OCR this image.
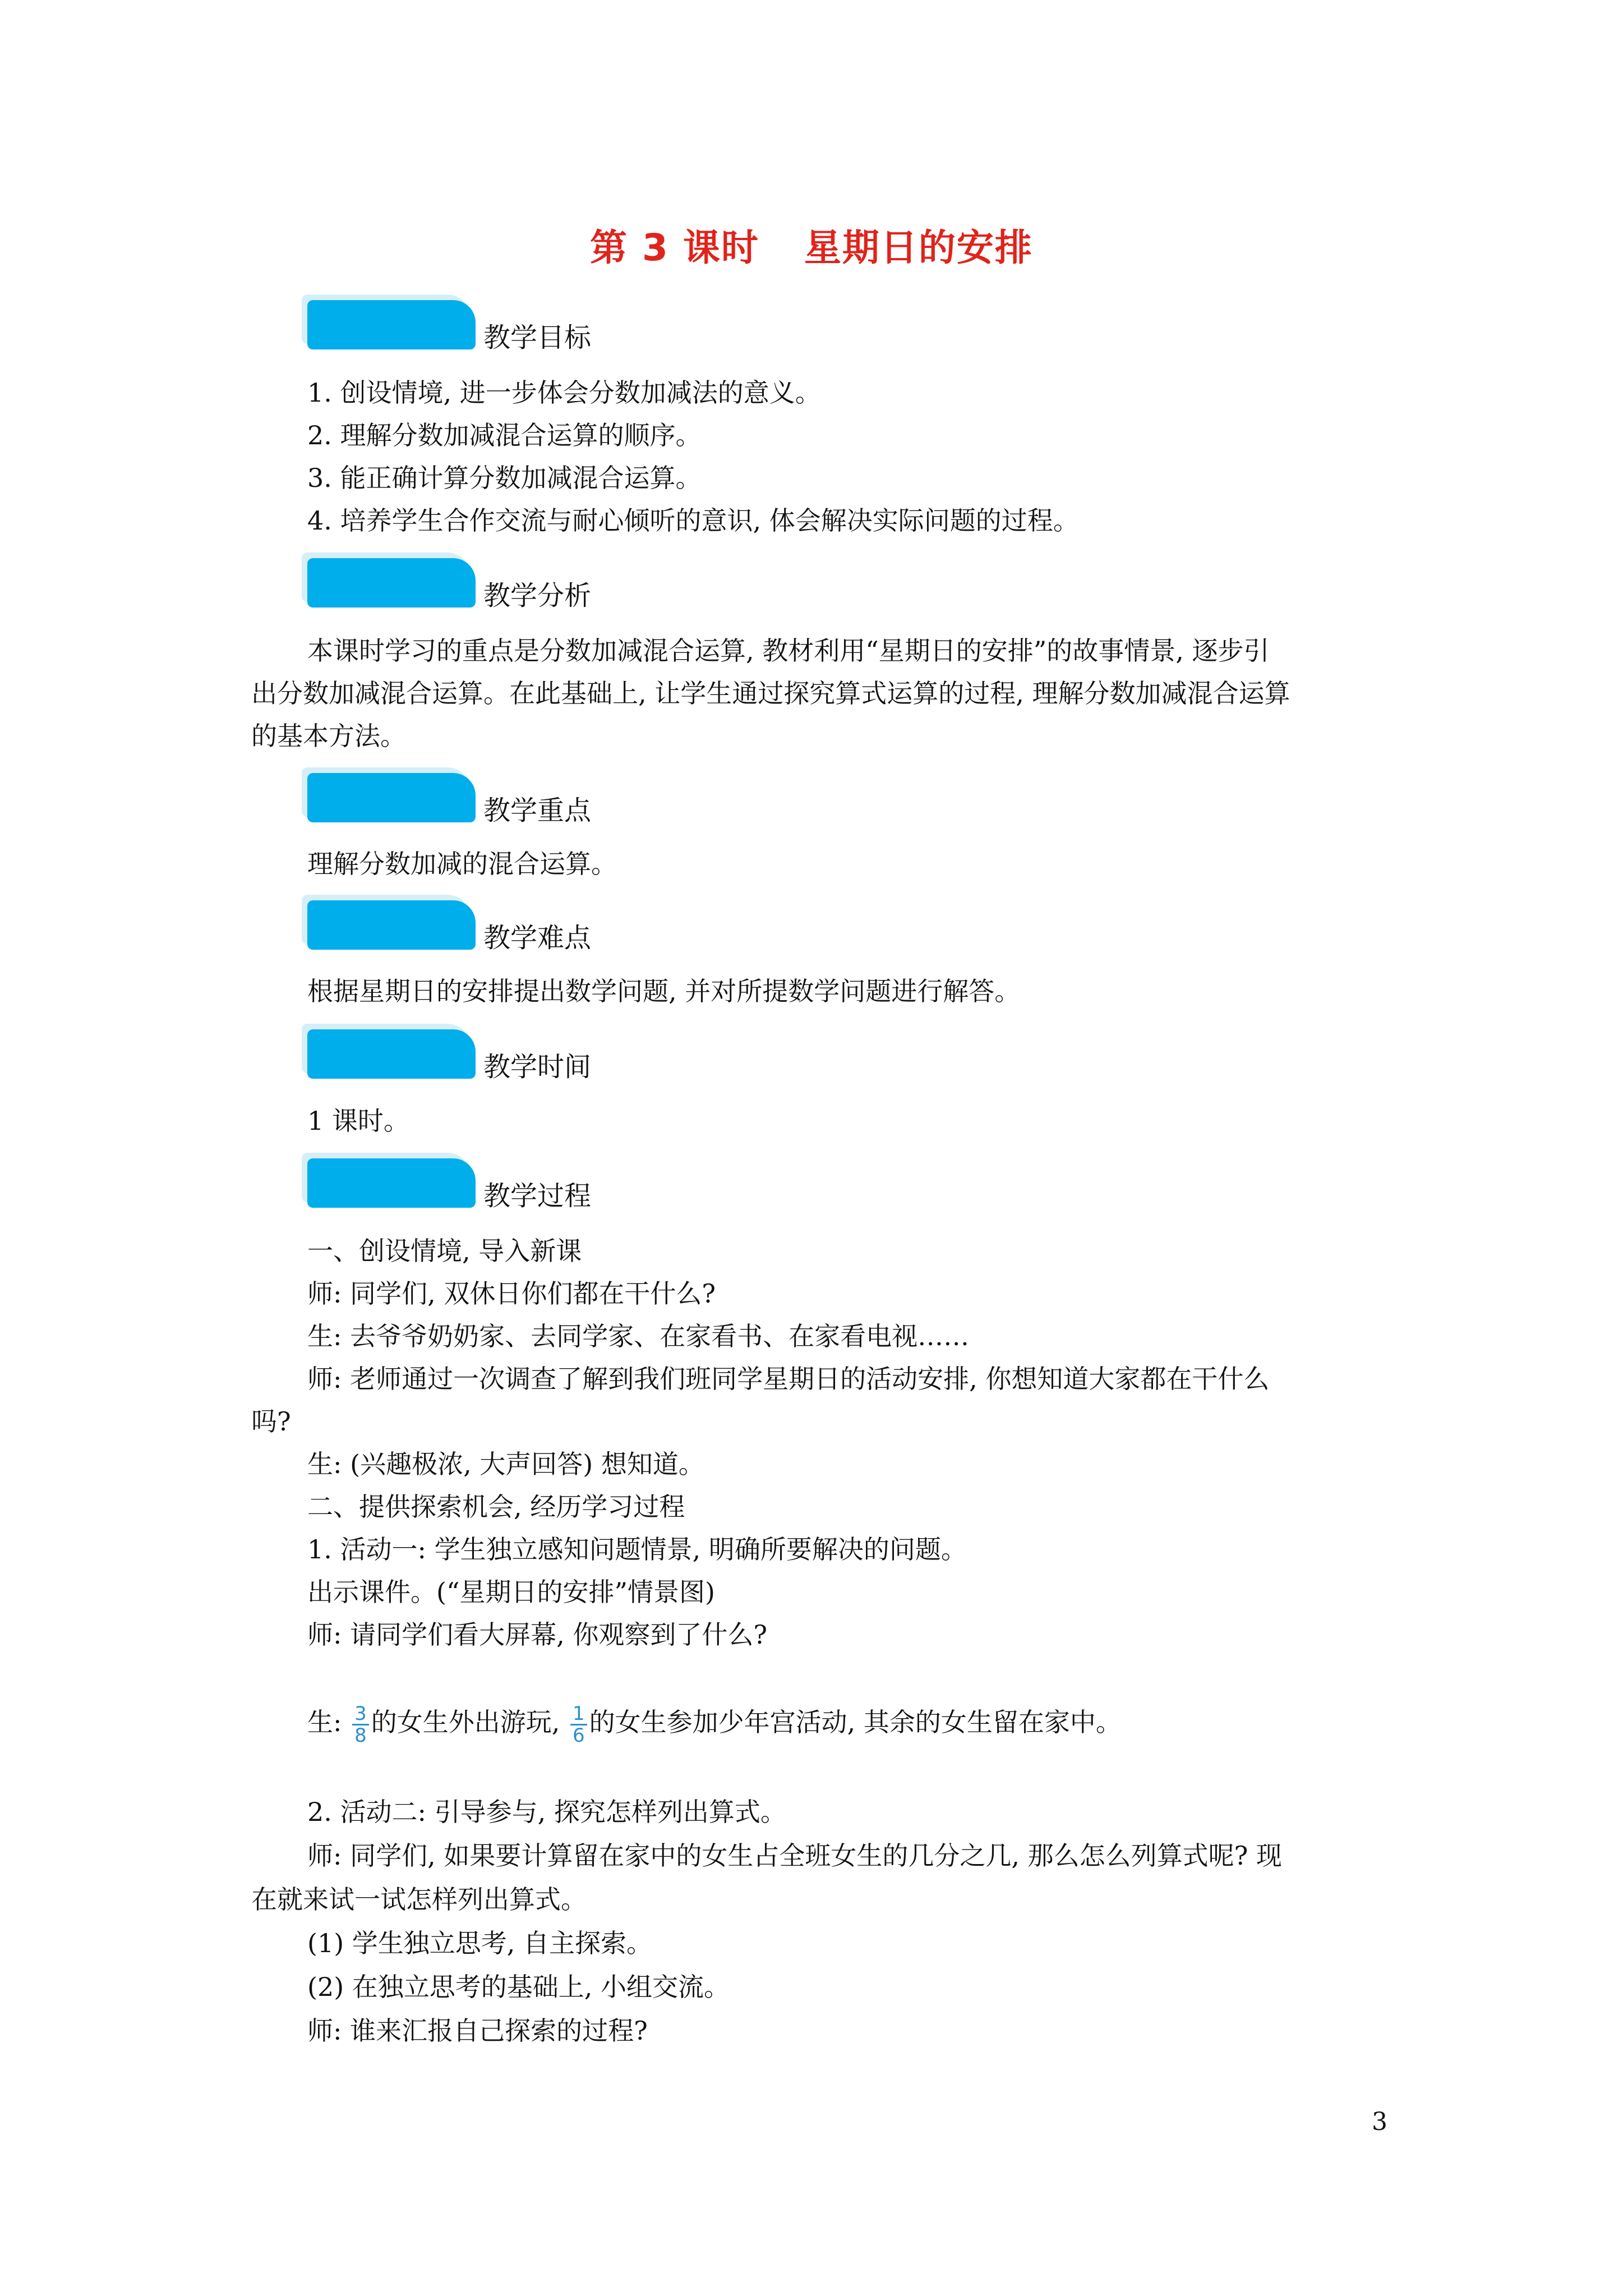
第 3 课时 星期日的安排
教学目标
1. 创设情境, 进一步体会分数加减法的意义。
2. 理解分数加减混合运算的顺序。
3. 能正确计算分数加减混合运算。
4. 培养学生合作交流与耐心倾听的意识, 体会解决实际问题的过程。
教学分析
本课时学习的重点是分数加减混合运算, 教材利用“星期日的安排”的故事情景, 逐步引
出分数加减混合运算。在此基础上, 让学生通过探究算式运算的过程, 理解分数加减混合运算
的基本方法。
教学重点
理解分数加减的混合运算。
教学难点
根据星期日的安排提出数学问题, 并对所提数学问题进行解答。
教学时间
1 课时。
教学过程
一、创设情境, 导入新课
师: 同学们, 双休日你们都在干什么?
生: 去爷爷奶奶家、去同学家、在家看书、在家看电视……
师: 老师通过一次调查了解到我们班同学星期日的活动安排, 你想知道大家都在干什么
吗?
生: (兴趣极浓, 大声回答) 想知道。
二、提供探索机会, 经历学习过程
1. 活动一: 学生独立感知问题情景, 明确所要解决的问题。
出示课件。(“星期日的安排”情景图)
师: 请同学们看大屏幕, 你观察到了什么?
生: $\frac{3}{8}$ 的女生外出游玩, $\frac{1}{6}$ 的女生参加少年宫活动, 其余的女生留在家中。
2. 活动二: 引导参与, 探究怎样列出算式。
师: 同学们, 如果要计算留在家中的女生占全班女生的几分之几, 那么怎么列算式呢? 现
在就来试一试怎样列出算式。
(1) 学生独立思考, 自主探索。
(2) 在独立思考的基础上, 小组交流。
师: 谁来汇报自己探索的过程?
3
